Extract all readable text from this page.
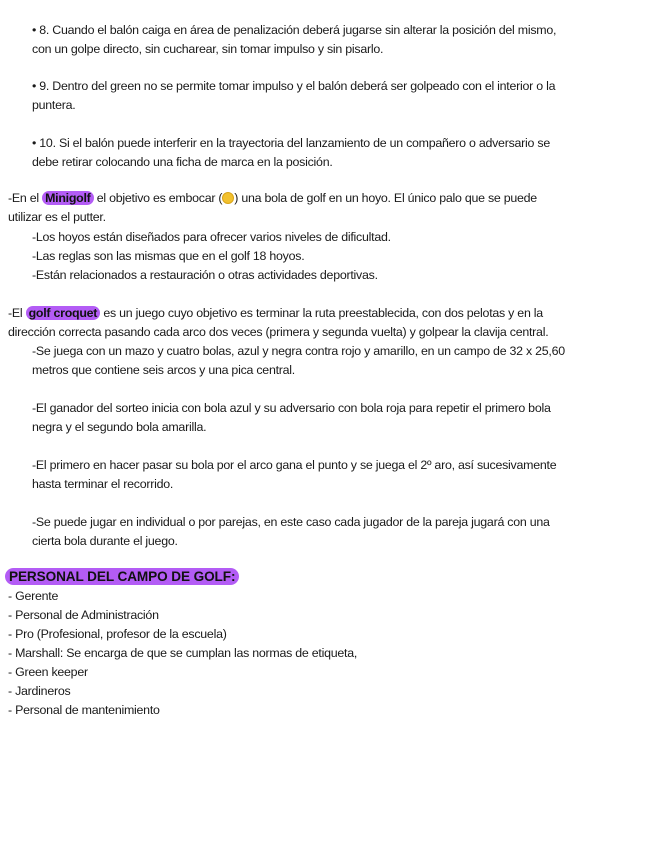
• 8. Cuando el balón caiga en área de penalización deberá jugarse sin alterar la posición del mismo,

con un golpe directo, sin cucharear, sin tomar impulso y sin pisarlo.

• 9. Dentro del green no se permite tomar impulso y el balón deberá ser golpeado con el interior o la

puntera.

• 10. Si el balón puede interferir en la trayectoria del lanzamiento de un compañero o adversario se

debe retirar colocando una ficha de marca en la posición.

-En el Minigolf el objetivo es embocar ( ) una bola de golf en un hoyo. El único palo que se puede

utilizar es el putter.

-Los hoyos están diseñados para ofrecer varios niveles de dificultad.

-Las reglas son las mismas que en el golf 18 hoyos.

-Están relacionados a restauración o otras actividades deportivas.

-El golf croquet es un juego cuyo objetivo es terminar la ruta preestablecida, con dos pelotas y en la

dirección correcta pasando cada arco dos veces (primera y segunda vuelta) y golpear la clavija central.

-Se juega con un mazo y cuatro bolas, azul y negra contra rojo y amarillo, en un campo de 32 x 25,60

metros que contiene seis arcos y una pica central.

-El ganador del sorteo inicia con bola azul y su adversario con bola roja para repetir el primero bola

negra y el segundo bola amarilla.

-El primero en hacer pasar su bola por el arco gana el punto y se juega el 2º aro, así sucesivamente

hasta terminar el recorrido.

-Se puede jugar en individual o por parejas, en este caso cada jugador de la pareja jugará con una

cierta bola durante el juego.

PERSONAL DEL CAMPO DE GOLF:

- Gerente

- Personal de Administración

- Pro (Profesional, profesor de la escuela)

- Marshall: Se encarga de que se cumplan las normas de etiqueta,

- Green keeper

- Jardineros

- Personal de mantenimiento
